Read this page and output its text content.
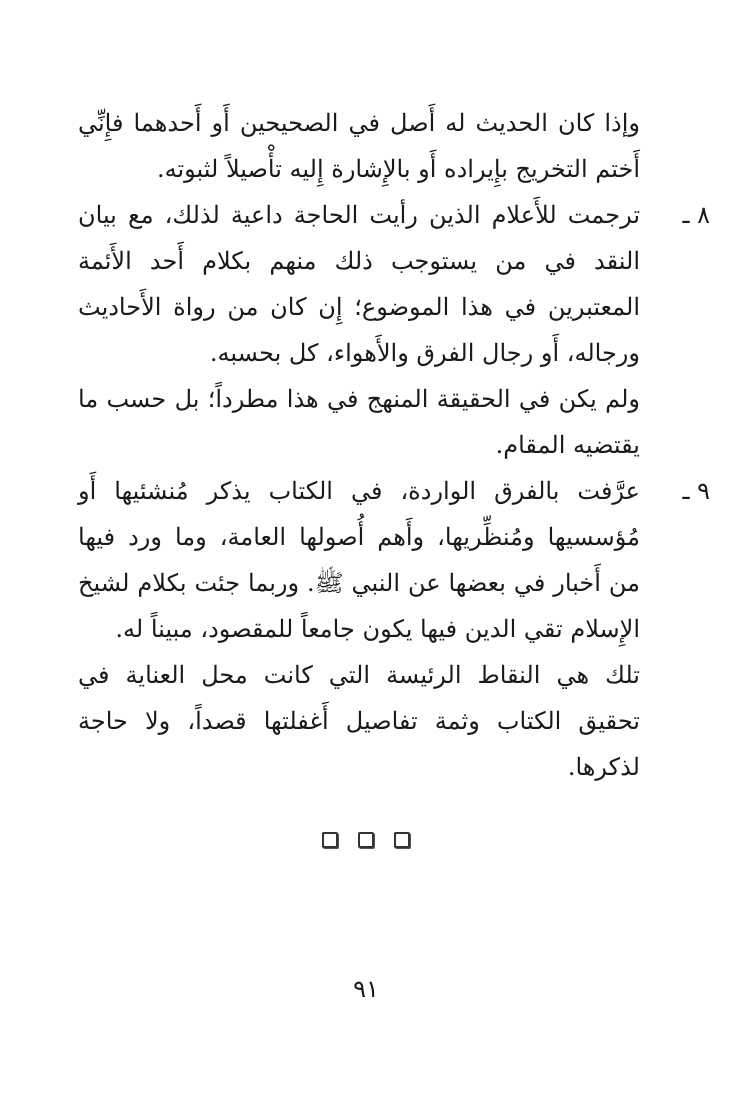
وإذا كان الحديث له أَصل في الصحيحين أَو أَحدهما فإِنِّي أَختم التخريج بإِيراده أَو بالإِشارة إِليه تأْصيلاً لثبوته.

٨ ـ

ترجمت للأَعلام الذين رأيت الحاجة داعية لذلك، مع بيان النقد في من يستوجب ذلك منهم بكلام أَحد الأَئمة المعتبرين في هذا الموضوع؛ إِن كان من رواة الأَحاديث ورجاله، أَو رجال الفرق والأَهواء، كل بحسبه.

ولم يكن في الحقيقة المنهج في هذا مطرداً؛ بل حسب ما يقتضيه المقام.

٩ ـ

عرَّفت بالفرق الواردة، في الكتاب يذكر مُنشئيها أَو مُؤسسيها ومُنظِّريها، وأَهم أُصولها العامة، وما ورد فيها من أَخبار في بعضها عن النبي ﷺ. وربما جئت بكلام لشيخ الإِسلام تقي الدين فيها يكون جامعاً للمقصود، مبيناً له.

تلك هي النقاط الرئيسة التي كانت محل العناية في تحقيق الكتاب وثمة تفاصيل أَغفلتها قصداً، ولا حاجة لذكرها.

٩١
